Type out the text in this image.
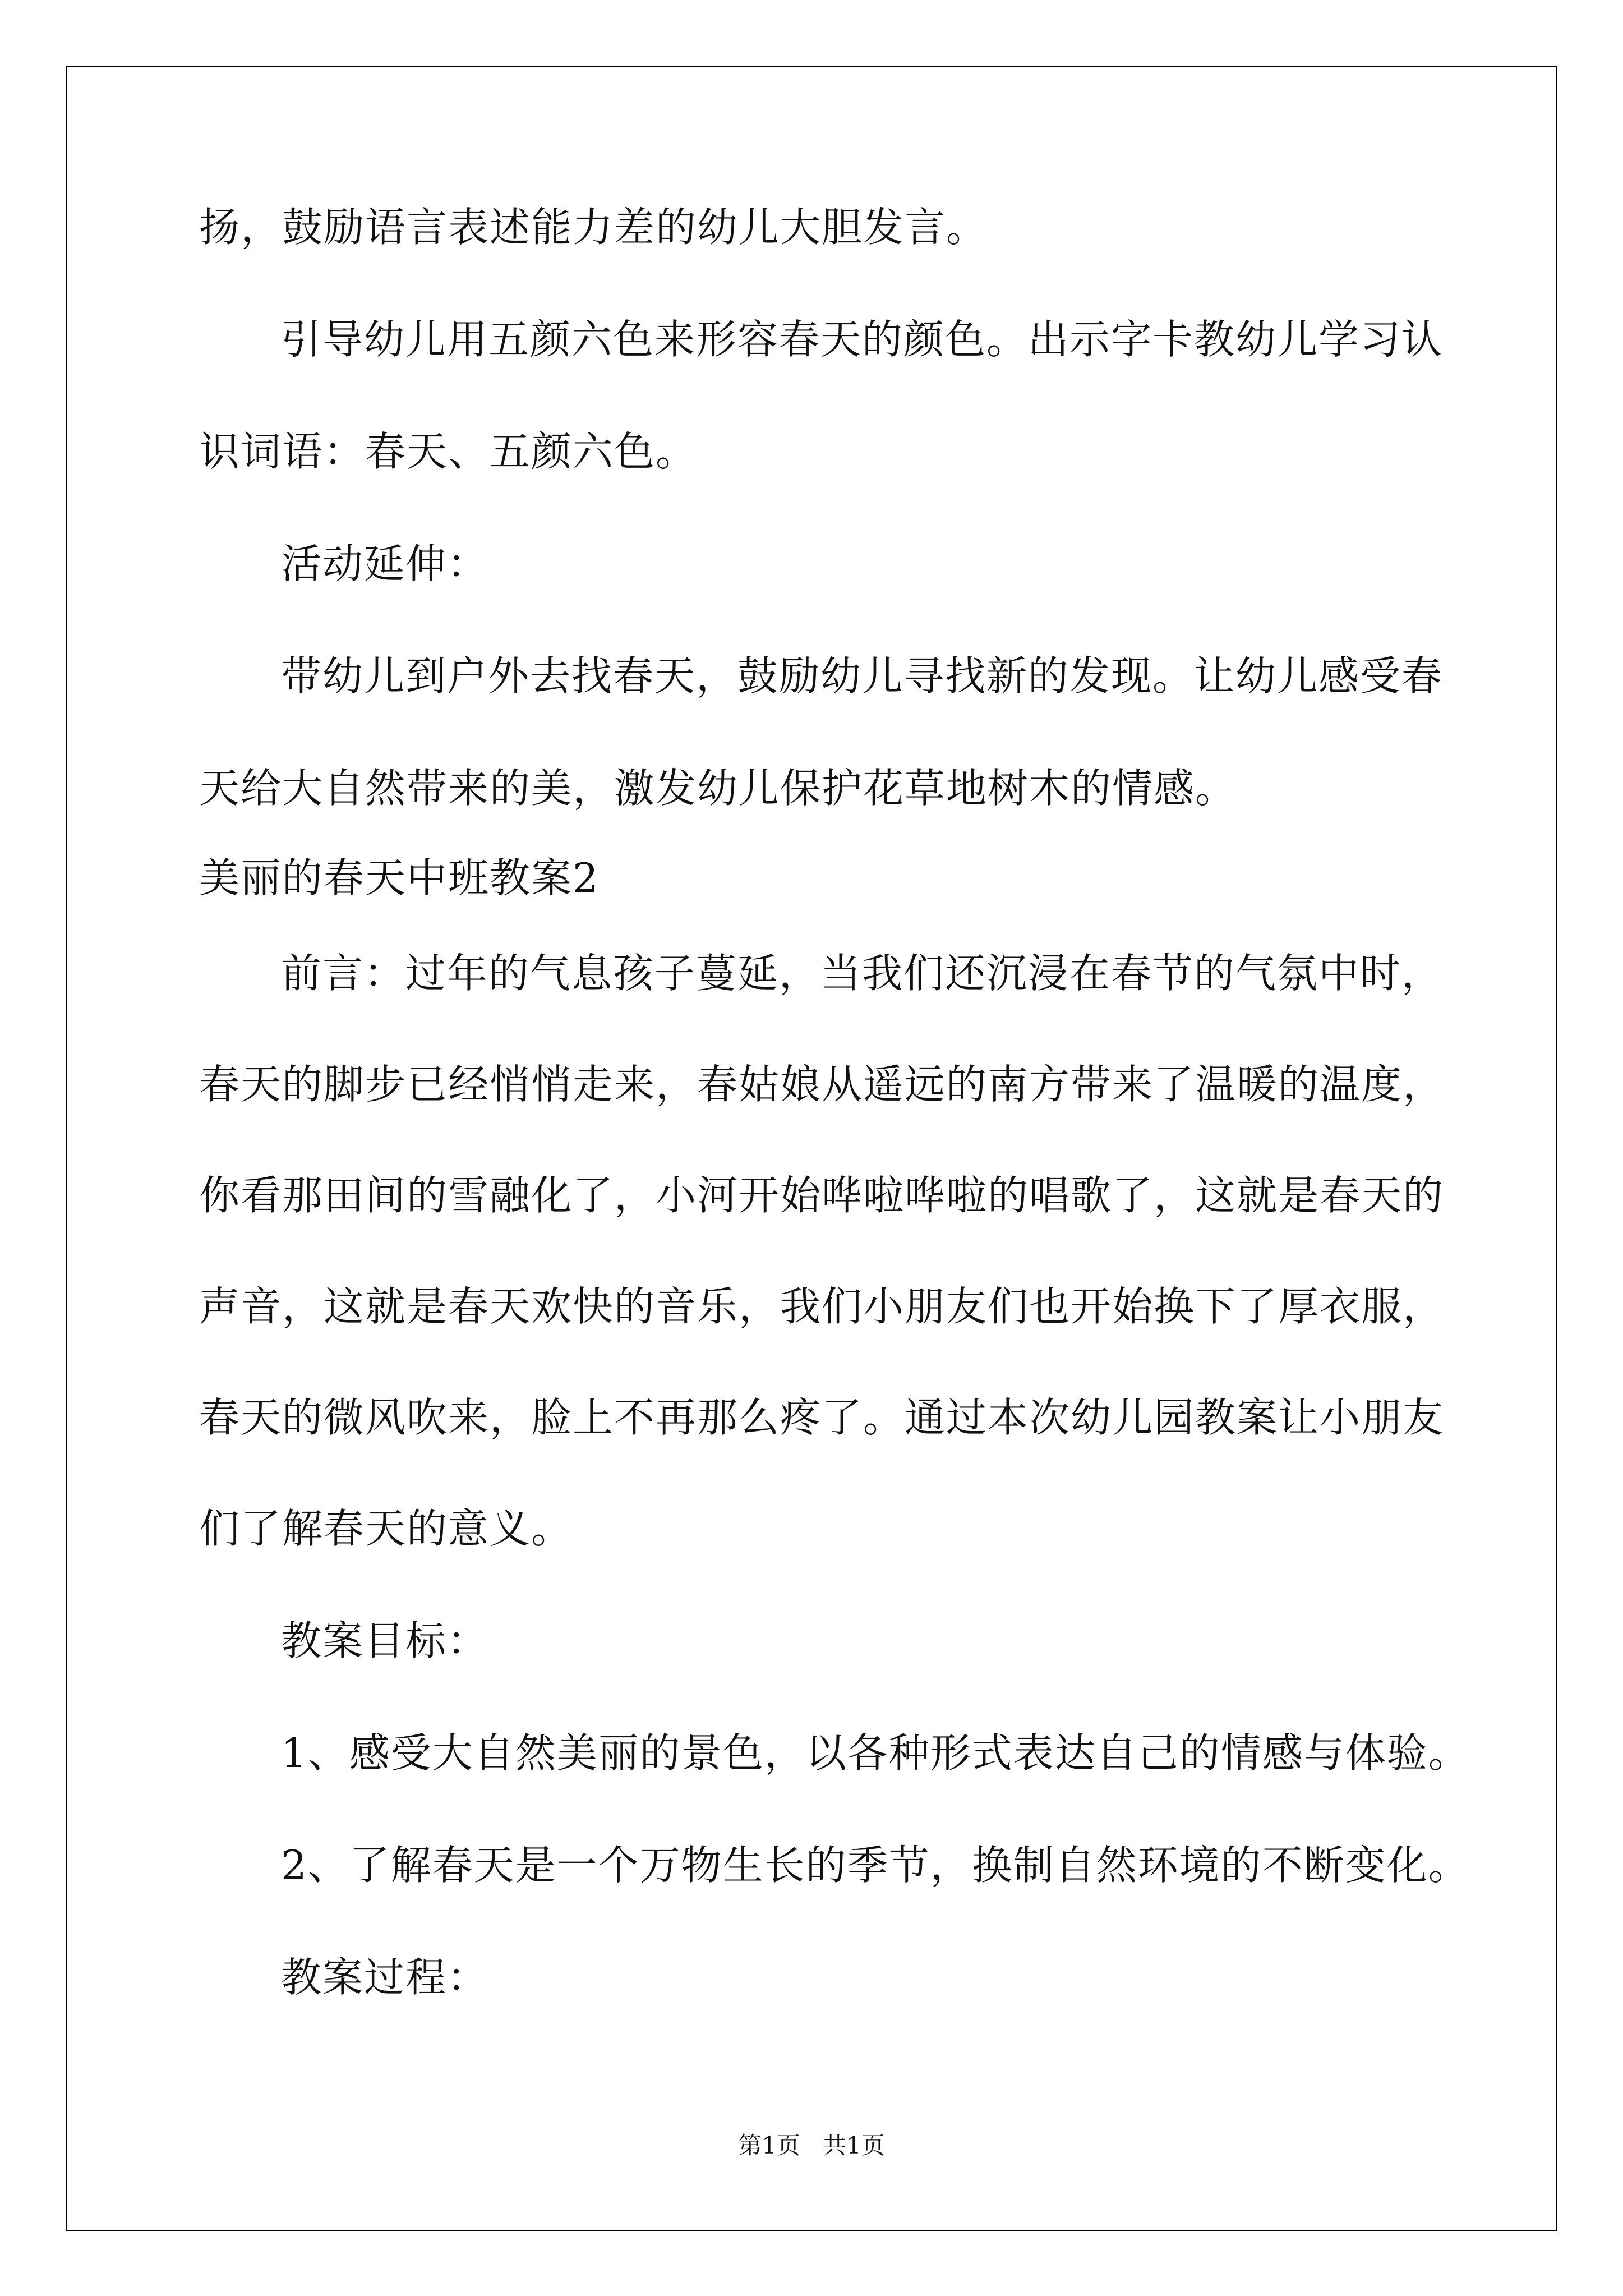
扬，鼓励语言表述能力差的幼儿大胆发言。
引导幼儿用五颜六色来形容春天的颜色。出示字卡教幼儿学习认
识词语：春天、五颜六色。
活动延伸：
带幼儿到户外去找春天，鼓励幼儿寻找新的发现。让幼儿感受春
天给大自然带来的美，激发幼儿保护花草地树木的情感。
美丽的春天中班教案2
前言：过年的气息孩子蔓延，当我们还沉浸在春节的气氛中时，
春天的脚步已经悄悄走来，春姑娘从遥远的南方带来了温暖的温度，
你看那田间的雪融化了，小河开始哗啦哗啦的唱歌了，这就是春天的
声音，这就是春天欢快的音乐，我们小朋友们也开始换下了厚衣服，
春天的微风吹来，脸上不再那么疼了。通过本次幼儿园教案让小朋友
们了解春天的意义。
教案目标：
1、感受大自然美丽的景色，以各种形式表达自己的情感与体验。
2、了解春天是一个万物生长的季节，换制自然环境的不断变化。
教案过程：
第1页   共1页
